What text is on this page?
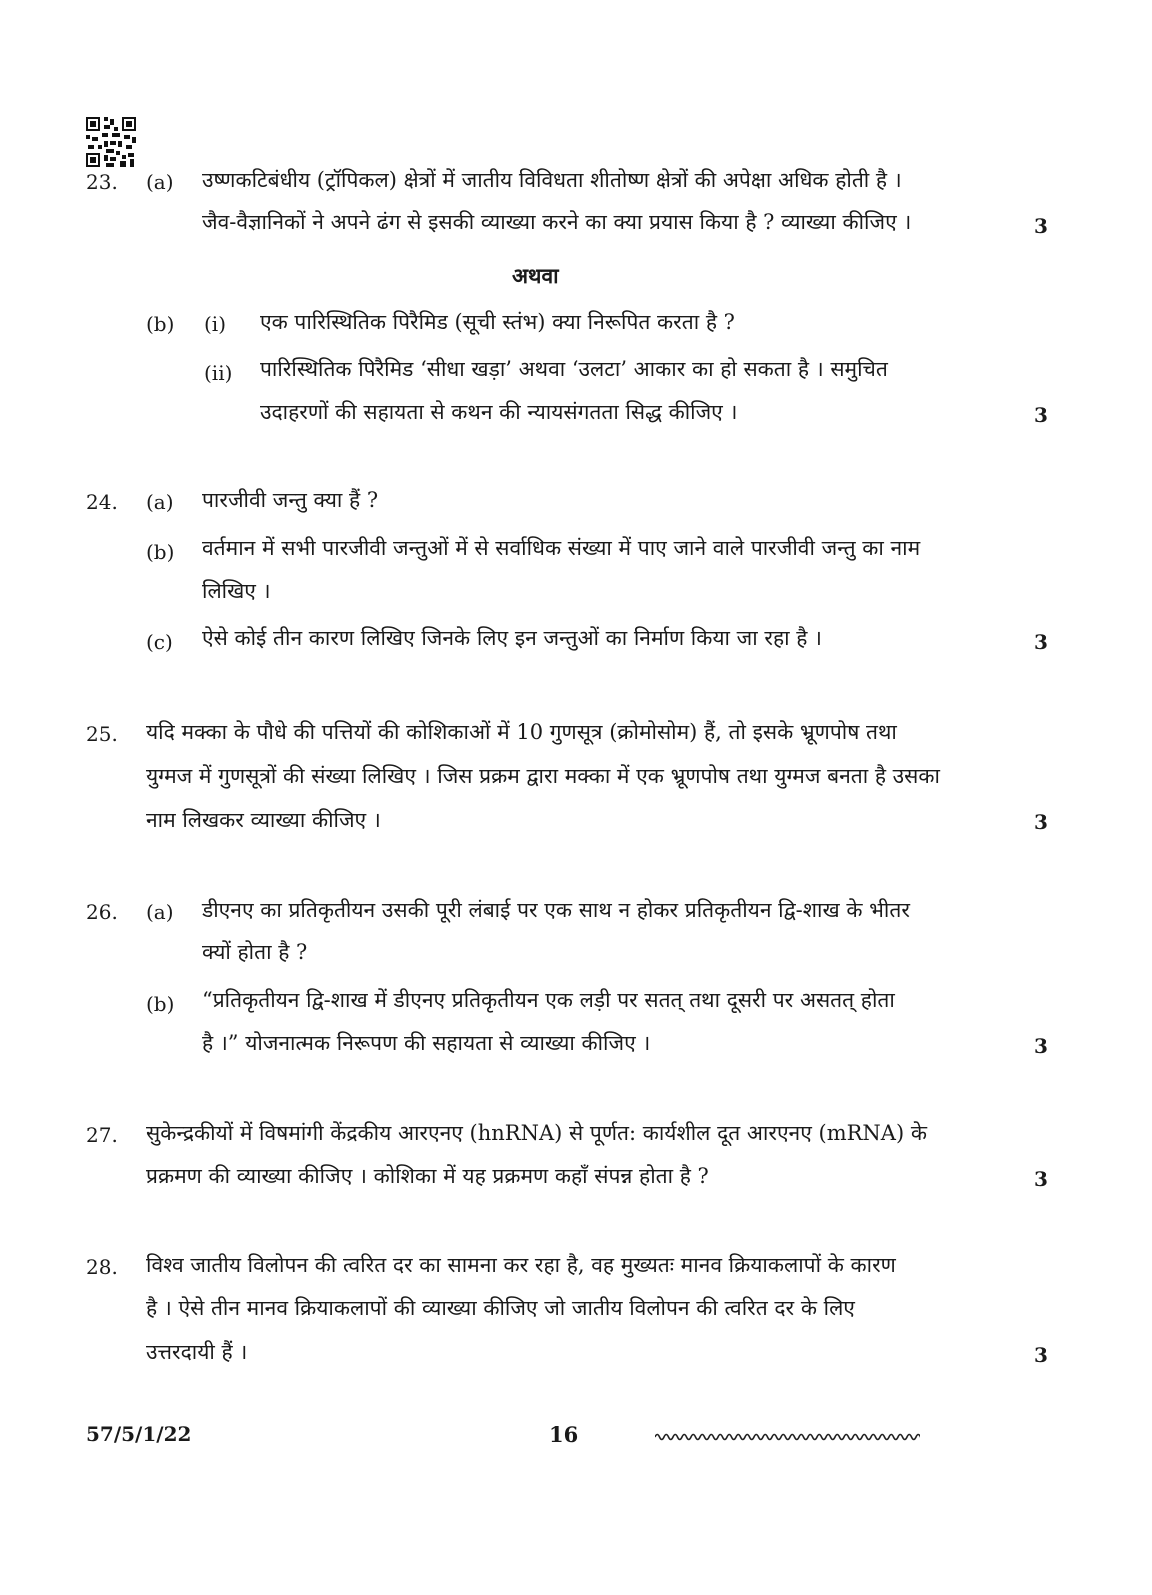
23. (a) उष्णकटिबंधीय (ट्रॉपिकल) क्षेत्रों में जातीय विविधता शीतोष्ण क्षेत्रों की अपेक्षा अधिक होती है ।
जैव-वैज्ञानिकों ने अपने ढंग से इसकी व्याख्या करने का क्या प्रयास किया है ? व्याख्या कीजिए ।	3
अथवा
(b) (i) एक पारिस्थितिक पिरैमिड (सूची स्तंभ) क्या निरूपित करता है ?
(ii) पारिस्थितिक पिरैमिड ‘सीधा खड़ा’ अथवा ‘उलटा’ आकार का हो सकता है । समुचित
उदाहरणों की सहायता से कथन की न्यायसंगतता सिद्ध कीजिए ।	3
24. (a) पारजीवी जन्तु क्या हैं ?
(b) वर्तमान में सभी पारजीवी जन्तुओं में से सर्वाधिक संख्या में पाए जाने वाले पारजीवी जन्तु का नाम
लिखिए ।
(c) ऐसे कोई तीन कारण लिखिए जिनके लिए इन जन्तुओं का निर्माण किया जा रहा है ।	3
25. यदि मक्का के पौधे की पत्तियों की कोशिकाओं में 10 गुणसूत्र (क्रोमोसोम) हैं, तो इसके भ्रूणपोष तथा
युग्मज में गुणसूत्रों की संख्या लिखिए । जिस प्रक्रम द्वारा मक्का में एक भ्रूणपोष तथा युग्मज बनता है उसका
नाम लिखकर व्याख्या कीजिए ।	3
26. (a) डीएनए का प्रतिकृतीयन उसकी पूरी लंबाई पर एक साथ न होकर प्रतिकृतीयन द्वि-शाख के भीतर
क्यों होता है ?
(b) “प्रतिकृतीयन द्वि-शाख में डीएनए प्रतिकृतीयन एक लड़ी पर सतत् तथा दूसरी पर असतत् होता
है ।” योजनात्मक निरूपण की सहायता से व्याख्या कीजिए ।	3
27. सुकेन्द्रकीयों में विषमांगी केंद्रकीय आरएनए (hnRNA) से पूर्णत: कार्यशील दूत आरएनए (mRNA) के
प्रक्रमण की व्याख्या कीजिए । कोशिका में यह प्रक्रमण कहाँ संपन्न होता है ?	3
28. विश्व जातीय विलोपन की त्वरित दर का सामना कर रहा है, वह मुख्यतः मानव क्रियाकलापों के कारण
है । ऐसे तीन मानव क्रियाकलापों की व्याख्या कीजिए जो जातीय विलोपन की त्वरित दर के लिए
उत्तरदायी हैं ।	3
57/5/1/22	16
